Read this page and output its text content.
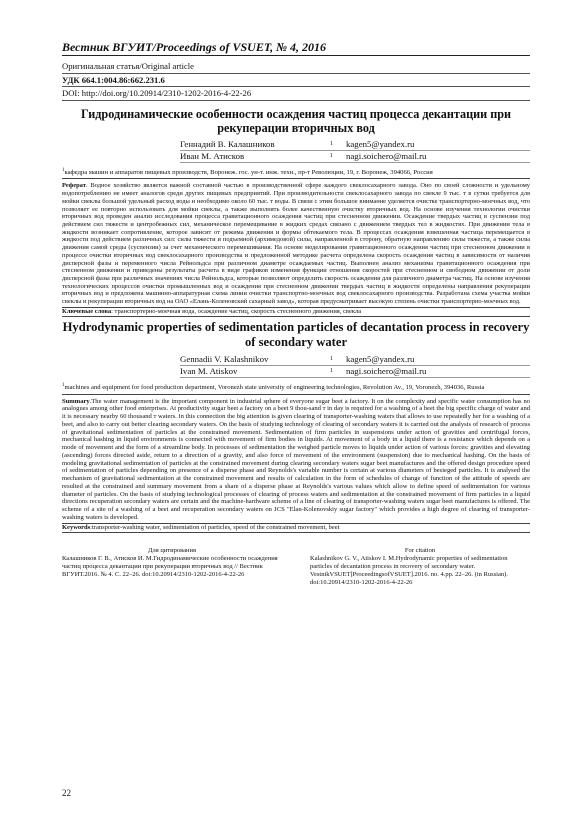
Вестник ВГУИТ/Proceedings of VSUET, № 4, 2016
Оригинальная статья/Original article
УДК 664.1:004.86:662.231.6
DOI: http://doi.org/10.20914/2310-1202-2016-4-22-26
Гидродинамические особенности осаждения частиц процесса декантации при рекуперации вторичных вод
Геннадий В. Калашников	1	kagen5@yandex.ru
Иван М. Атисков	1	nagi.soichero@mail.ru
$^1$кафедра машин и аппаратов пищевых производств, Воронеж. гос. ун-т. инж. техн., пр-т Революции, 19, г. Воронеж, 394066, Россия
Реферат. Водное хозяйство является важной составной частью в производственной сфере каждого свеклосахарного завода. Оно по своей сложности и удельному водопотреблению не имеет аналогов среди других пищевых предприятий. При производительности свеклосахарного завода по свекле 9 тыс. т в сутки требуется для мойки свеклы большой удельный расход воды и необходимо около 60 тыс. т воды. В связи с этим большое внимание уделяется очистке транспортерно-моечных вод, что позволяет ее повторно использовать для мойки свеклы, а также выполнять более качественную очистку вторичных вод. На основе изучения технологии очистки вторичных вод проведен анализ исследования процесса гравитационного осаждения частиц при стесненном движении. Осаждение твердых частиц в суспензии под действием сил тяжести и центробежных сил, механическое перемещивание в жидких средах связано с движением твердых тел в жидкостях. При движении тела в жидкости возникает сопротивление, которое зависит от режима движения и формы обтекаемого тела. В процессах осаждения взвешенная частица перемещается в жидкости под действием различных сил: силы тяжести и подъемной (архимедовой) силы, направленной в сторону, обратную направлению силы тяжести, а также силы движения самой среды (суспензии) за счет механического перемешивания. На основе моделирования гравитационного осаждения частиц при стесненном движении в процессе очистки вторичных вод свеклосахарного производства и предложенной методике расчета определена скорость осаждения частиц в зависимости от наличия дисперсной фазы и переменного числа Рейнольдса при различном диаметре осаждаемых частиц. Выполнен анализ механизма гравитационного осаждения при стесненном движении и приведены результаты расчета в виде графиков изменения функции отношения скоростей при стесненном и свободном движении от доли дисперсной фазы при различных значениях числа Рейнольдса, которые позволяют определить скорость осаждения для различного диаметра частиц. На основе изучения технологических процессов очистки промышленных вод и осаждения при стесненном движении твердых частиц в жидкости определены направления рекуперации вторичных вод и предложена машинно-аппаратурная схема линии очистки транспортно-моечных вод свеклосахарного производства. Разработана схема участка мойки свеклы и рекуперации вторичных вод на ОАО «Елань-Коленовский сахарный завод», которая предусматривает высокую степень очистки транспортерно-моечных вод.
Ключевые слова: транспортерно-моечная вода, осаждение частиц, скорость стесненного движения, свекла
Hydrodynamic properties of sedimentation particles of decantation process in recovery of secondary water
Gennadii V. Kalashnikov	1	kagen5@yandex.ru
Ivan M. Atiskov	1	nagi.soichero@mail.ru
$^1$machines and equipment for food production department, Voronezh state university of engineering technologies, Revolution Av., 19, Voronezh, 394036, Russia
Summary.The water management is the important component in industrial sphere of everyone sugar beet a factory. It on the complexity and specific water consumption has no analogues among other food enterprises. At productivity sugar beet a factory on a beet 9 thou-sand т in day is required for a washing of a beet the big specific charge of water and it is necessary nearby 60 thousand т waters. In this connection the big attention is given clearing of transporter-washing waters that allows to use repeatedly her for a washing of a beet, and also to carry out better clearing secondary waters. On the basis of studying technology of clearing of secondary waters it is carried out the analysis of research of process of gravitational sedimentation of particles at the constrained movement. Sedimentation of firm particles in suspensions under action of gravities and centrifugal forces, mechanical hashing in liquid environments is connected with movement of firm bodies in liquids. At movement of a body in a liquid there is a resistance which depends on a mode of movement and the form of a streamline body. In processes of sedimentation the weighed particle moves to liquids under action of various forces: gravities and elevating (ascending) forces directed aside, return to a direction of a gravity, and also force of movement of the environment (suspension) due to mechanical hashing. On the basis of modeling gravitational sedimentation of particles at the constrained movement during clearing secondary waters sugar beet manufactures and the offered design procedure speed of sedimentation of particles depending on presence of a disperse phase and Reynolds's variable number is certain at various diameters of besieged particles. It is analysed the mechanism of gravitational sedimentation at the constrained movement and results of calculation in the form of schedules of change of function of the attitude of speeds are resulted at the constrained and summary movement from a share of a disperse phase at Reynolds's various values which allow to define speed of sedimentation for various diameter of particles. On the basis of studying technological processes of clearing of process waters and sedimentation at the constrained movement of firm particles in a liquid directions recuperation secondary waters are certain and the machine-hardware scheme of a line of clearing of transporter-washing waters sugar beet manufactures is offered. The scheme of a site of a washing of a beet and recuperation secondary waters on JCS "Elan-Kolenovskiy sugar factory" which provides a high degree of clearing of transporter-washing waters is developed.
Keywords:transporter-washing water, sedimentation of particles, speed of the constrained movement, beet
Для цитирования
Калашников Г. В., Атисков И. М.Гидродинамические особенности осаждения частиц процесса декантации при рекуперации вторичных вод // Вестник ВГУИТ.2016. № 4. С. 22–26. doi:10.20914/2310-1202-2016-4-22-26
For citation
Kalashnikov G. V., Atiskov I. M.Hydrodynamic properties of sedimentation particles of decantation process in recovery of secondary water. VestnikVSUET[ProceedingsofVSUET].2016. no. 4.pp. 22–26. (in Russian). doi:10.20914/2310-1202-2016-4-22-26
22
